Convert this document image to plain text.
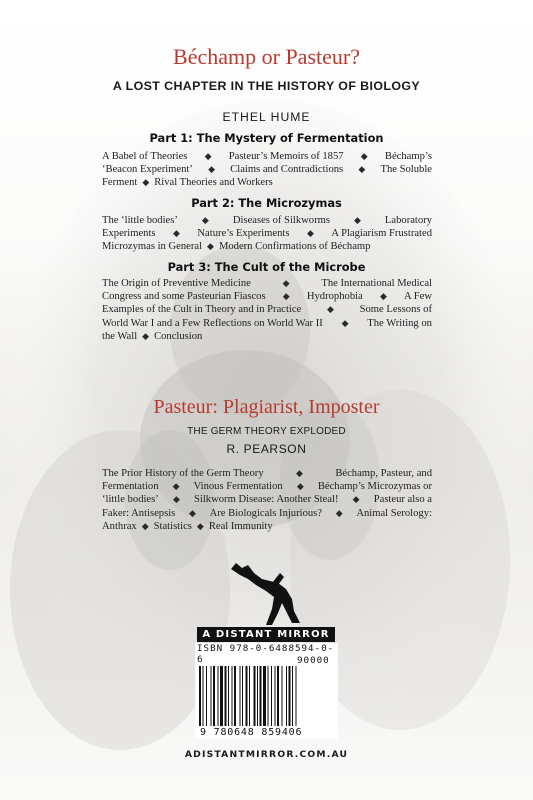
Béchamp or Pasteur?
A LOST CHAPTER IN THE HISTORY OF BIOLOGY
ETHEL HUME
Part 1: The Mystery of Fermentation
A Babel of Theories ◆ Pasteur’s Memoirs of 1857 ◆ Béchamp’s
‘Beacon Experiment’ ◆ Claims and Contradictions ◆ The Soluble
Ferment ◆ Rival Theories and Workers
Part 2: The Microzymas
The ‘little bodies’	◆ Diseases of Silkworms	◆ Laboratory
Experiments ◆ Nature’s Experiments ◆ A Plagiarism Frustrated
Microzymas in General ◆ Modern Confirmations of Béchamp
Part 3: The Cult of the Microbe
The Origin of Preventive Medicine	◆	The International Medical
Congress and some Pasteurian Fiascos ◆ Hydrophobia ◆ A Few
Examples of the Cult in Theory and in Practice	◆ Some Lessons of
World War I and a Few Reflections on World War II ◆ The Writing on
the Wall ◆ Conclusion
Pasteur: Plagiarist, Imposter
THE GERM THEORY EXPLODED
R. PEARSON
The Prior History of the Germ Theory	◆	Béchamp, Pasteur, and
Fermentation ◆ Vinous Fermentation ◆ Béchamp’s Microzymas or
‘little bodies’ ◆ Silkworm Disease: Another Steal! ◆ Pasteur also a
Faker: Antisepsis ◆ Are Biologicals Injurious? ◆ Animal Serology:
Anthrax ◆ Statistics ◆ Real Immunity
A DISTANT MIRROR
ISBN 978-0-6488594-0-6	90000
9 780648 859406
ADISTANTMIRROR.COM.AU
